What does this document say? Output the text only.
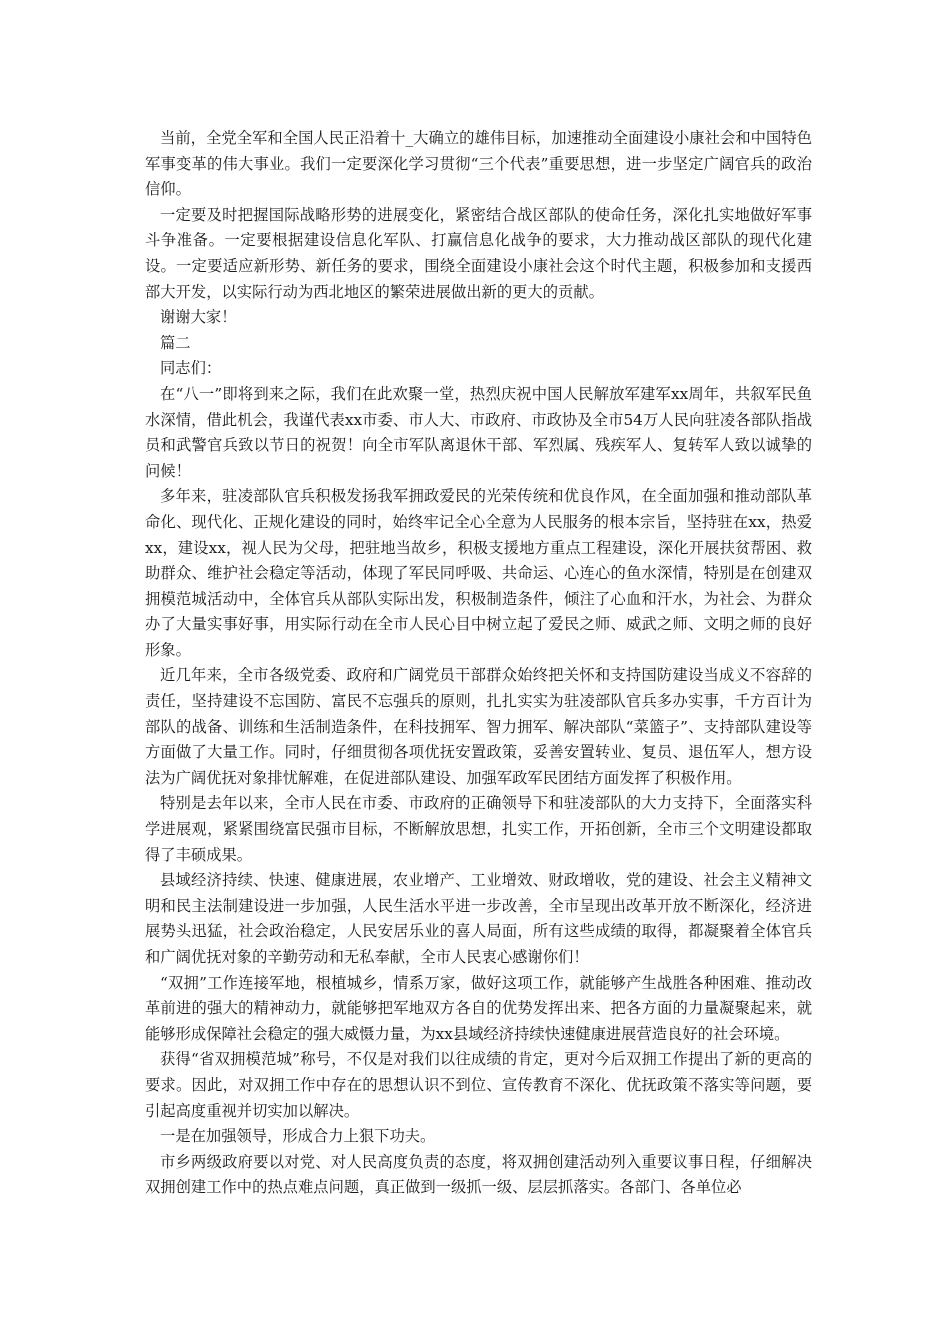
当前，全党全军和全国人民正沿着十_大确立的雄伟目标，加速推动全面建设小康社会和中国特色军事变革的伟大事业。我们一定要深化学习贯彻“三个代表”重要思想，进一步坚定广阔官兵的政治信仰。

一定要及时把握国际战略形势的进展变化，紧密结合战区部队的使命任务，深化扎实地做好军事斗争准备。一定要根据建设信息化军队、打赢信息化战争的要求，大力推动战区部队的现代化建设。一定要适应新形势、新任务的要求，围绕全面建设小康社会这个时代主题，积极参加和支援西部大开发，以实际行动为西北地区的繁荣进展做出新的更大的贡献。

谢谢大家！

篇二

同志们：

在“八一”即将到来之际，我们在此欢聚一堂，热烈庆祝中国人民解放军建军xx周年，共叙军民鱼水深情，借此机会，我谨代表xx市委、市人大、市政府、市政协及全市54万人民向驻凌各部队指战员和武警官兵致以节日的祝贺！向全市军队离退休干部、军烈属、残疾军人、复转军人致以诚挚的问候！

多年来，驻凌部队官兵积极发扬我军拥政爱民的光荣传统和优良作风，在全面加强和推动部队革命化、现代化、正规化建设的同时，始终牢记全心全意为人民服务的根本宗旨，坚持驻在xx，热爱xx，建设xx，视人民为父母，把驻地当故乡，积极支援地方重点工程建设，深化开展扶贫帮困、救助群众、维护社会稳定等活动，体现了军民同呼吸、共命运、心连心的鱼水深情，特别是在创建双拥模范城活动中，全体官兵从部队实际出发，积极制造条件，倾注了心血和汗水，为社会、为群众办了大量实事好事，用实际行动在全市人民心目中树立起了爱民之师、威武之师、文明之师的良好形象。

近几年来，全市各级党委、政府和广阔党员干部群众始终把关怀和支持国防建设当成义不容辞的责任，坚持建设不忘国防、富民不忘强兵的原则，扎扎实实为驻凌部队官兵多办实事，千方百计为部队的战备、训练和生活制造条件，在科技拥军、智力拥军、解决部队“菜篮子”、支持部队建设等方面做了大量工作。同时，仔细贯彻各项优抚安置政策，妥善安置转业、复员、退伍军人，想方设法为广阔优抚对象排忧解难，在促进部队建设、加强军政军民团结方面发挥了积极作用。

特别是去年以来，全市人民在市委、市政府的正确领导下和驻凌部队的大力支持下，全面落实科学进展观，紧紧围绕富民强市目标，不断解放思想，扎实工作，开拓创新，全市三个文明建设都取得了丰硕成果。

县域经济持续、快速、健康进展，农业增产、工业增效、财政增收，党的建设、社会主义精神文明和民主法制建设进一步加强，人民生活水平进一步改善，全市呈现出改革开放不断深化，经济进展势头迅猛，社会政治稳定，人民安居乐业的喜人局面，所有这些成绩的取得，都凝聚着全体官兵和广阔优抚对象的辛勤劳动和无私奉献，全市人民衷心感谢你们！

“双拥”工作连接军地，根植城乡，情系万家，做好这项工作，就能够产生战胜各种困难、推动改革前进的强大的精神动力，就能够把军地双方各自的优势发挥出来、把各方面的力量凝聚起来，就能够形成保障社会稳定的强大威慑力量，为xx县域经济持续快速健康进展营造良好的社会环境。

获得“省双拥模范城”称号，不仅是对我们以往成绩的肯定，更对今后双拥工作提出了新的更高的要求。因此，对双拥工作中存在的思想认识不到位、宣传教育不深化、优抚政策不落实等问题，要引起高度重视并切实加以解决。

一是在加强领导，形成合力上狠下功夫。

市乡两级政府要以对党、对人民高度负责的态度，将双拥创建活动列入重要议事日程，仔细解决双拥创建工作中的热点难点问题，真正做到一级抓一级、层层抓落实。各部门、各单位必
